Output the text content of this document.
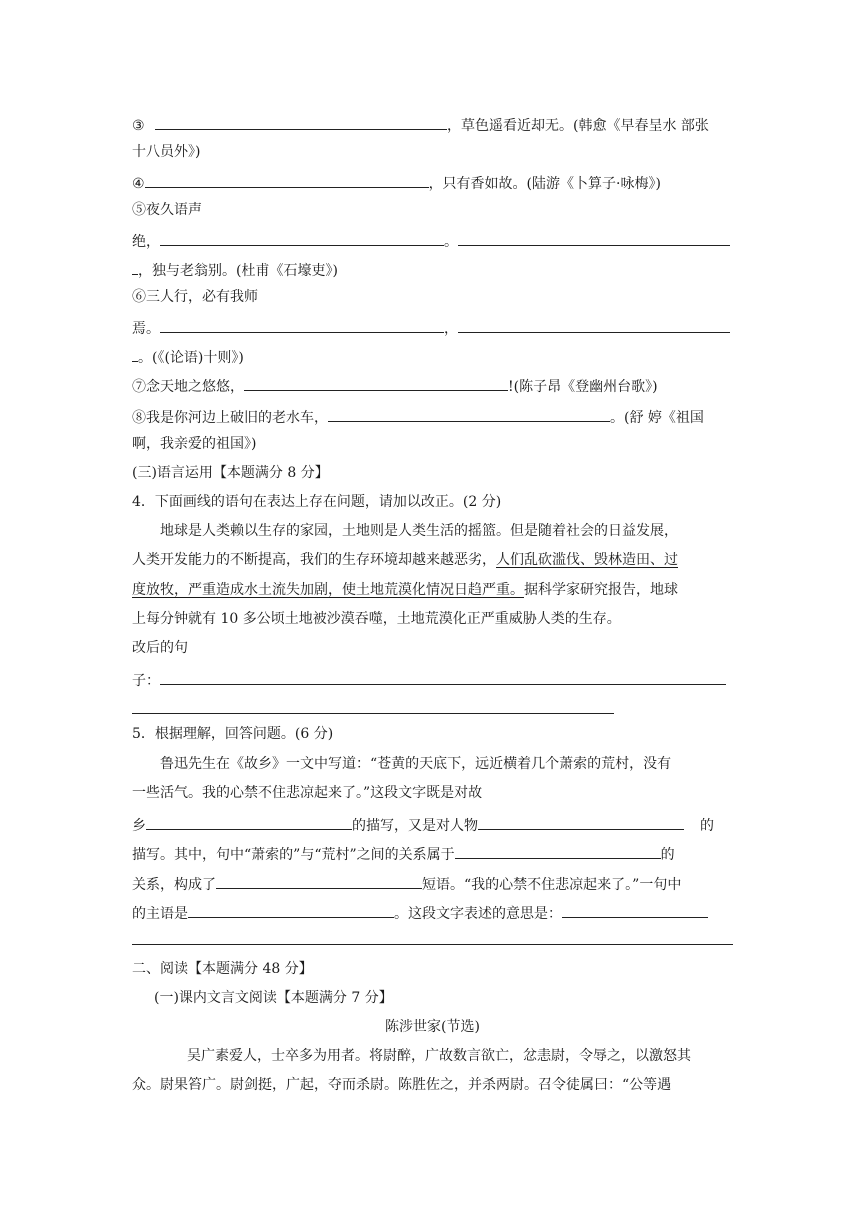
③	，草色遥看近却无。(韩愈《早春呈水 部张
十八员外》)
④	，只有香如故。(陆游《卜算子·咏梅》)
⑤夜久语声
绝，	。
，独与老翁别。(杜甫《石壕吏》)
⑥三人行，必有我师
焉。	，
。(《(论语)十则》)
⑦念天地之悠悠，	!(陈子昂《登幽州台歌》)
⑧我是你河边上破旧的老水车，	。(舒 婷《祖国
啊，我亲爱的祖国》)
(三)语言运用【本题满分 8 分】
4．下面画线的语句在表达上存在问题，请加以改正。(2 分)
地球是人类赖以生存的家园，土地则是人类生活的摇篮。但是随着社会的日益发展，
人类开发能力的不断提高，我们的生存环境却越来越恶劣，人们乱砍滥伐、毁林造田、过
度放牧，严重造成水土流失加剧，使土地荒漠化情况日趋严重。据科学家研究报告，地球
上每分钟就有 10 多公顷土地被沙漠吞噬，土地荒漠化正严重威胁人类的生存。
改后的句
子：
5．根据理解，回答问题。(6 分)
鲁迅先生在《故乡》一文中写道：“苍黄的天底下，远近横着几个萧索的荒村，没有
一些活气。我的心禁不住悲凉起来了。”这段文字既是对故
乡	的描写，又是对人物	的
描写。其中，句中“萧索的”与“荒村”之间的关系属于	的
关系，构成了	短语。“我的心禁不住悲凉起来了。”一句中
的主语是	。这段文字表述的意思是：
二、阅读【本题满分 48 分】
(一)课内文言文阅读【本题满分 7 分】
陈涉世家(节选)
吴广素爱人，士卒多为用者。将尉醉，广故数言欲亡，忿恚尉，令辱之，以激怒其
众。尉果笞广。尉剑挺，广起，夺而杀尉。陈胜佐之，并杀两尉。召令徒属曰：“公等遇
